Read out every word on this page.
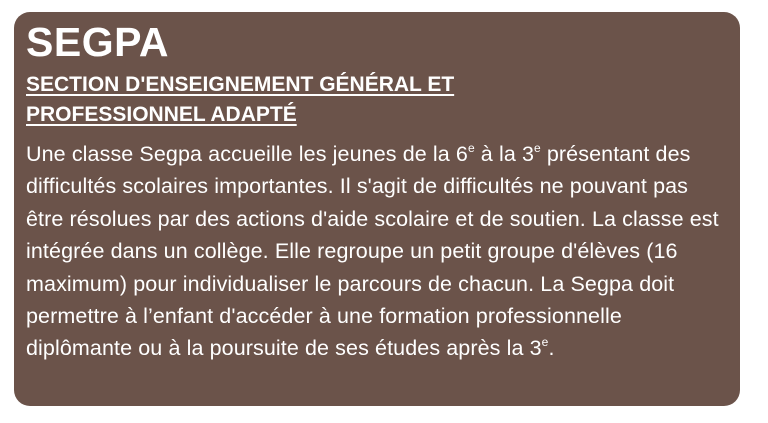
SEGPA
SECTION D'ENSEIGNEMENT GÉNÉRAL ET PROFESSIONNEL ADAPTÉ

Une classe Segpa accueille les jeunes de la 6e à la 3e présentant des difficultés scolaires importantes. Il s'agit de difficultés ne pouvant pas être résolues par des actions d'aide scolaire et de soutien. La classe est intégrée dans un collège. Elle regroupe un petit groupe d'élèves (16 maximum) pour individualiser le parcours de chacun. La Segpa doit permettre à l’enfant d'accéder à une formation professionnelle diplômante ou à la poursuite de ses études après la 3e.
